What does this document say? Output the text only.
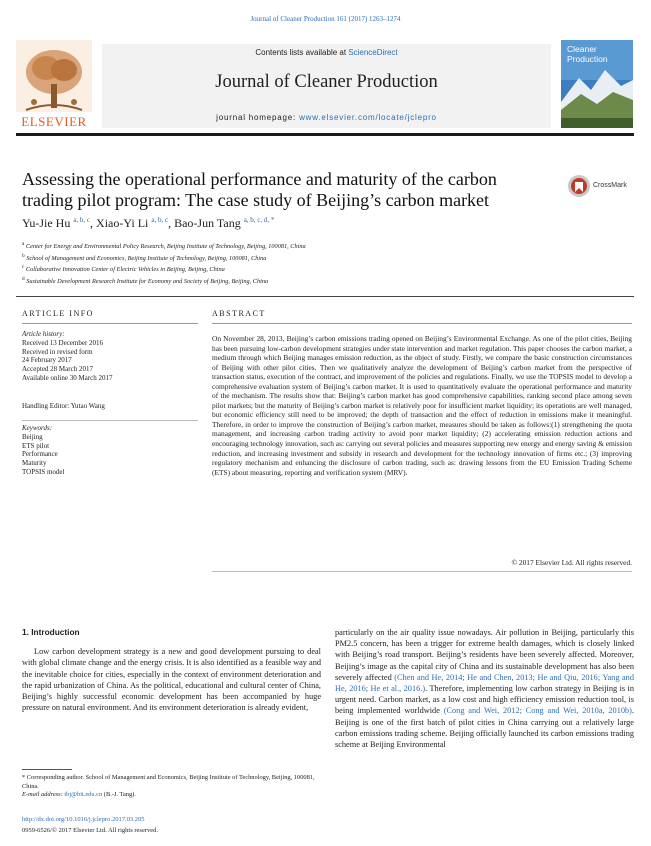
Journal of Cleaner Production 161 (2017) 1263–1274
Contents lists available at ScienceDirect
Journal of Cleaner Production
journal homepage: www.elsevier.com/locate/jclepro
ELSEVIER
Cleaner
Production
Assessing the operational performance and maturity of the carbon
trading pilot program: The case study of Beijing’s carbon market
CrossMark
Yu-Jie Hu $^{a, b, c}$, Xiao-Yi Li $^{a, b, c}$, Bao-Jun Tang $^{a, b, c, d, *}$
$^a$ Center for Energy and Environmental Policy Research, Beijing Institute of Technology, Beijing, 100081, China
$^b$ School of Management and Economics, Beijing Institute of Technology, Beijing, 100081, China
$^c$ Collaborative Innovation Center of Electric Vehicles in Beijing, Beijing, China
$^d$ Sustainable Development Research Institute for Economy and Society of Beijing, Beijing, China
ARTICLE INFO	ABSTRACT
Article history:
Received 13 December 2016
Received in revised form
24 February 2017
Accepted 28 March 2017
Available online 30 March 2017
Handling Editor: Yutao Wang
Keywords:
Beijing
ETS pilot
Performance
Maturity
TOPSIS model
On November 28, 2013, Beijing’s carbon emissions trading opened on Beijing’s Environmental Exchange. As one of the pilot cities, Beijing has been pursuing low-carbon development strategies under state intervention and market regulation. This paper chooses the carbon market, a medium through which Beijing manages emission reduction, as the object of study. Firstly, we compare the basic construction circumstances of Beijing with other pilot cities. Then we qualitatively analyze the development of Beijing’s carbon market from the perspective of transaction status, execution of the contract, and improvement of the policies and regulations. Finally, we use the TOPSIS model to develop a comprehensive evaluation system of Beijing’s carbon market. It is used to quantitatively evaluate the operational performance and maturity of the mechanism. The results show that: Beijing’s carbon market has good comprehensive capabilities, ranking second place among seven pilot markets; but the maturity of Beijing’s carbon market is relatively poor for insufficient market liquidity; its operations are well managed, but economic efficiency still need to be improved; the depth of transaction and the effect of reduction in emissions make it meaningful. Therefore, in order to improve the construction of Beijing’s carbon market, measures should be taken as follows:(1) strengthening the quota management, and increasing carbon trading activity to avoid poor market liquidity; (2) accelerating emission reduction actions and encouraging technology innovation, such as: carrying out several policies and measures supporting new energy and energy saving & emission reduction, and increasing investment and subsidy in research and development for the technology innovation of firms etc.; (3) improving regulatory mechanism and enhancing the disclosure of carbon trading, such as: drawing lessons from the EU Emission Trading Scheme (ETS) about measuring, reporting and verification system (MRV).
© 2017 Elsevier Ltd. All rights reserved.
1. Introduction
Low carbon development strategy is a new and good development pursuing to deal with global climate change and the energy crisis. It is also identified as a feasible way and the inevitable choice for cities, especially in the context of environment deterioration and the rapid urbanization of China. As the political, educational and cultural center of China, Beijing’s highly successful economic development has been accompanied by huge pressure on natural environment. And its environment deterioration is already evident,
particularly on the air quality issue nowadays. Air pollution in Beijing, particularly this PM2.5 concern, has been a trigger for extreme health damages, which is closely linked with Beijing’s road transport. Beijing’s residents have been severely affected. Moreover, Beijing’s image as the capital city of China and its sustainable development has also been severely affected (Chen and He, 2014; He and Chen, 2013; He and Qiu, 2016; Yang and He, 2016; He et al., 2016.). Therefore, implementing low carbon strategy in Beijing is in urgent need. Carbon market, as a low cost and high efficiency emission reduction tool, is being implemented worldwide (Cong and Wei, 2012; Cong and Wei, 2010a, 2010b). Beijing is one of the first batch of pilot cities in China carrying out a relatively large carbon emissions trading scheme. Beijing officially launched its carbon emissions trading scheme at Beijing Environmental
* Corresponding author. School of Management and Economics, Beijing Institute of Technology, Beijing, 100081, China.
E-mail address: tbj@bit.edu.cn (B.-J. Tang).
http://dx.doi.org/10.1016/j.jclepro.2017.03.205
0959-6526/© 2017 Elsevier Ltd. All rights reserved.
